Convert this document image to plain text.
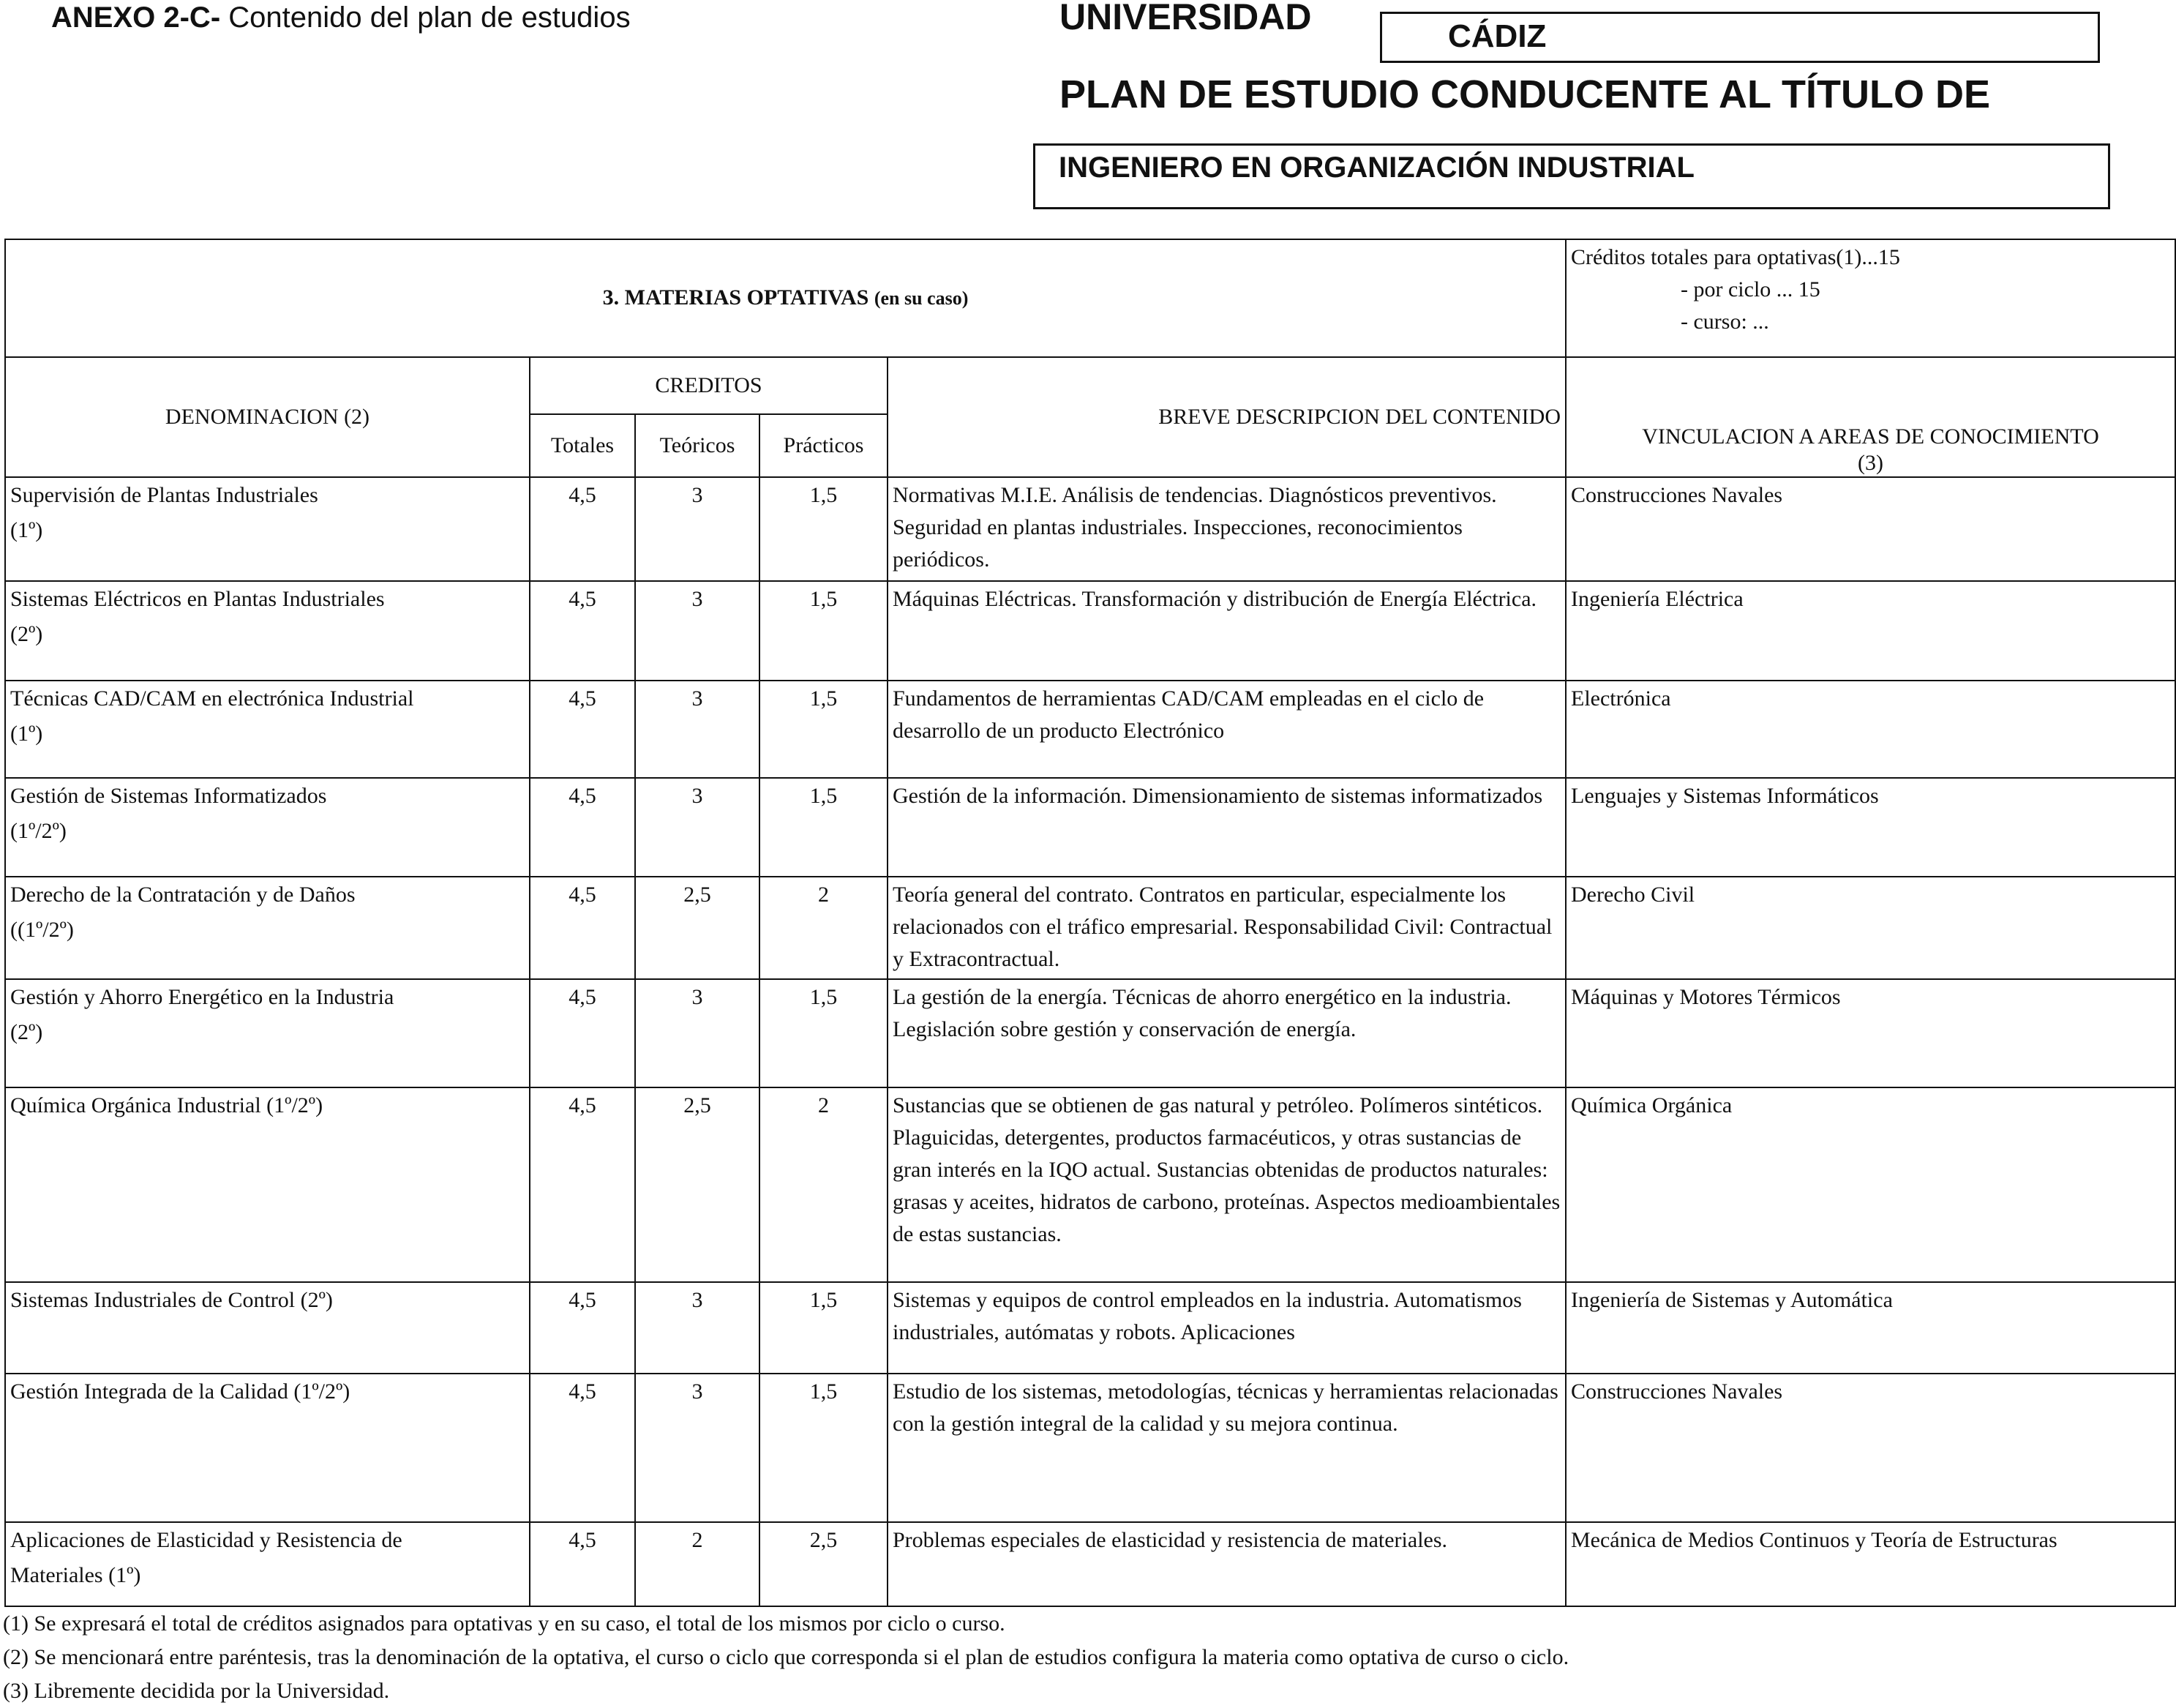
ANEXO 2-C- Contenido del plan de estudios	UNIVERSIDAD	CÁDIZ
PLAN DE ESTUDIO CONDUCENTE AL TÍTULO DE
INGENIERO EN ORGANIZACIÓN INDUSTRIAL
3. MATERIAS OPTATIVAS (en su caso)					Créditos totales para optativas(1)...15
- por ciclo ... 15
- curso: ...

DENOMINACION (2)	CREDITOS			BREVE DESCRIPCION DEL CONTENIDO	VINCULACION A AREAS DE CONOCIMIENTO
(3)
	Totales	Teóricos	Prácticos		

Supervisión de Plantas Industriales
(1º)	4,5	3	1,5	Normativas M.I.E. Análisis de tendencias. Diagnósticos preventivos. Seguridad en plantas industriales. Inspecciones, reconocimientos periódicos.	Construcciones Navales

Sistemas Eléctricos en Plantas Industriales
(2º)	4,5	3	1,5	Máquinas Eléctricas. Transformación y distribución de Energía Eléctrica.	Ingeniería Eléctrica

Técnicas CAD/CAM en electrónica Industrial
(1º)	4,5	3	1,5	Fundamentos de herramientas CAD/CAM empleadas en el ciclo de desarrollo de un producto Electrónico	Electrónica

Gestión de Sistemas Informatizados
(1º/2º)	4,5	3	1,5	Gestión de la información. Dimensionamiento de sistemas informatizados	Lenguajes y Sistemas Informáticos

Derecho de la Contratación y de Daños
((1º/2º)	4,5	2,5	2	Teoría general del contrato. Contratos en particular, especialmente los relacionados con el tráfico empresarial. Responsabilidad Civil: Contractual y Extracontractual.	Derecho Civil

Gestión y Ahorro Energético en la Industria
(2º)	4,5	3	1,5	La gestión de la energía. Técnicas de ahorro energético en la industria. Legislación sobre gestión y conservación de energía.	Máquinas y Motores Térmicos

Química Orgánica Industrial (1º/2º)	4,5	2,5	2	Sustancias que se obtienen de gas natural y petróleo. Polímeros sintéticos. Plaguicidas, detergentes, productos farmacéuticos, y otras sustancias de gran interés en la IQO actual. Sustancias obtenidas de productos naturales: grasas y aceites, hidratos de carbono, proteínas. Aspectos medioambientales de estas sustancias.	Química Orgánica

Sistemas Industriales de Control (2º)	4,5	3	1,5	Sistemas y equipos de control empleados en la industria. Automatismos industriales, autómatas y robots. Aplicaciones	Ingeniería de Sistemas y Automática

Gestión Integrada de la Calidad (1º/2º)	4,5	3	1,5	Estudio de los sistemas, metodologías, técnicas y herramientas relacionadas con la gestión integral de la calidad y su mejora continua.	Construcciones Navales

Aplicaciones de Elasticidad y Resistencia de
Materiales (1º)	4,5	2	2,5	Problemas especiales de elasticidad y resistencia de materiales.	Mecánica de Medios Continuos y Teoría de Estructuras
(1) Se expresará el total de créditos asignados para optativas y en su caso, el total de los mismos por ciclo o curso.
(2) Se mencionará entre paréntesis, tras la denominación de la optativa, el curso o ciclo que corresponda si el plan de estudios configura la materia como optativa de curso o ciclo.
(3) Libremente decidida por la Universidad.
